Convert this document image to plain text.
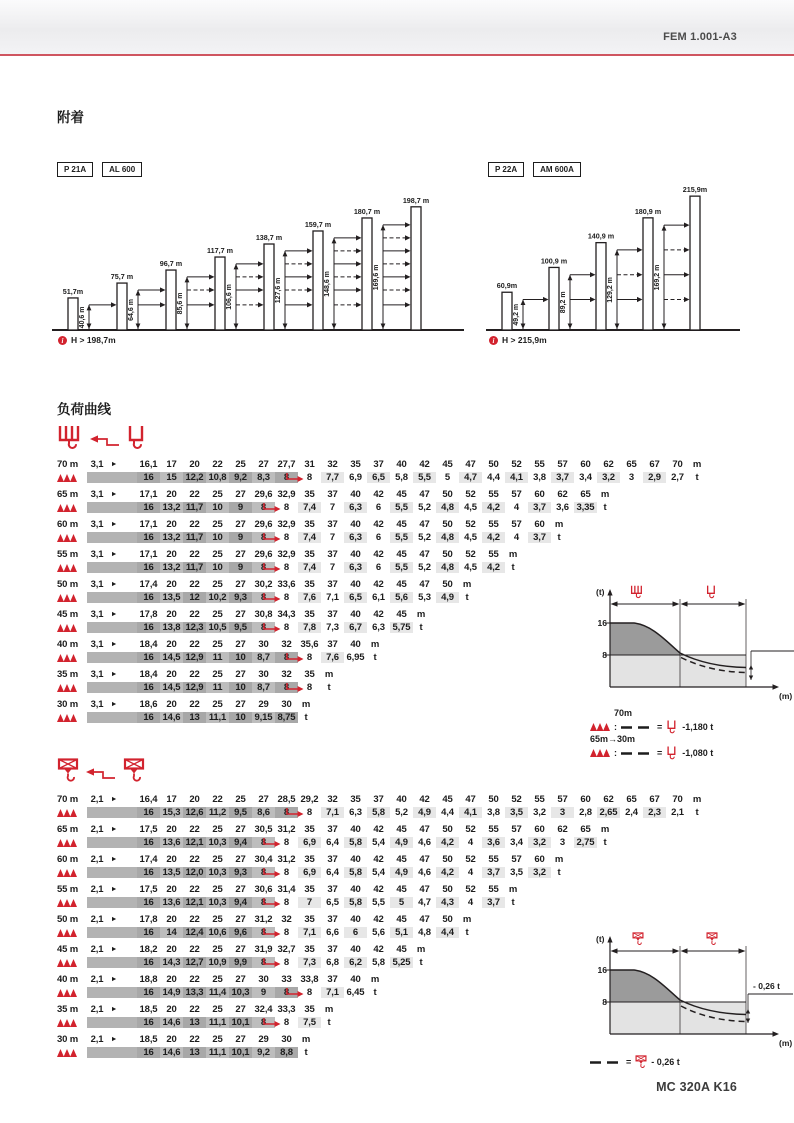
FEM 1.001-A3
附着
P 21A	AL 600
51,7m
75,7 m
40,6 m
96,7 m
64,6 m
117,7 m
85,6 m
138,7 m
106,6 m
159,7 m
127,6 m
180,7 m
148,6 m
198,7 m
169,6 m
i H > 198,7m
P 22A	AM 600A
60,9m
100,9 m
49,2 m
140,9 m
89,2 m
180,9 m
129,2 m
215,9m
169,2 m
i H > 215,9m
负荷曲线
70 m	3,1	►	16,1 17	20	22	25	27 27,7 31	32	35	37	40	42	45	47	50	52	55	57	60	62	65	67	70	m
16	15 12,2 10,8 9,2	8,3	8	8	7,7	6,9	6,5	5,8	5,5	5	4,7	4,4	4,1	3,8	3,7	3,4	3,2	3	2,9	2,7	t
65 m	3,1	►	17,1 20	22	25	27 29,6 32,9 35	37	40	42	45	47	50	52	55	57	60	62	65	m
16 13,2 11,7 10	9	8	8	7,4	7	6,3	6	5,5	5,2	4,8	4,5	4,2	4	3,7	3,6 3,35 t
60 m	3,1	►	17,1 20	22	25	27 29,6 32,9 35	37	40	42	45	47	50	52	55	57	60	m
16 13,2 11,7 10	9	8	8	7,4	7	6,3	6	5,5	5,2	4,8	4,5	4,2	4	3,7	t
55 m	3,1	►	17,1 20	22	25	27 29,6 32,9 35	37	40	42	45	47	50	52	55	m
16 13,2 11,7 10	9	8	8	7,4	7	6,3	6	5,5	5,2	4,8	4,5	4,2	t
50 m	3,1	►	17,4 20	22	25	27 30,2 33,6 35	37	40	42	45	47	50	m
16 13,5 12 10,2 9,3	8	8	7,6	7,1	6,5	6,1	5,6	5,3	4,9	t
45 m	3,1	►	17,8 20	22	25	27 30,8 34,3 35	37	40	42	45	m
16 13,8 12,3 10,5 9,5	8	8	7,8	7,3	6,7	6,3 5,75 t
40 m	3,1	►	18,4 20	22	25	27	30	32 35,6 37	40	m
16 14,5 12,9 11	10	8,7	8	8	7,6 6,95 t
35 m	3,1	►	18,4 20	22	25	27	30	32	35	m
16 14,5 12,9 11	10	8,7	8	8	t
30 m	3,1	►	18,6 20	22	25	27	29	30	m
16 14,6 13 11,1 10 9,15 8,75 t
70 m	2,1	►	16,4 17	20	22	25	27 28,5 29,2 32	35	37	40	42	45	47	50	52	55	57	60	62	65	67	70	m
16 15,3 12,6 11,2 9,5	8,6	8	8	7,1	6,3	5,8	5,2	4,9	4,4	4,1	3,8	3,5	3,2	3	2,8 2,65 2,4	2,3	2,1	t
65 m	2,1	►	17,5 20	22	25	27 30,5 31,2 35	37	40	42	45	47	50	52	55	57	60	62	65	m
16 13,6 12,1 10,3 9,4	8	8	6,9	6,4	5,8	5,4	4,9	4,6	4,2	4	3,6	3,4	3,2	3	2,75 t
60 m	2,1	►	17,4 20	22	25	27 30,4 31,2 35	37	40	42	45	47	50	52	55	57	60	m
16 13,5 12,0 10,3 9,3	8	8	6,9	6,4	5,8	5,4	4,9	4,6	4,2	4	3,7	3,5	3,2	t
55 m	2,1	►	17,5 20	22	25	27 30,6 31,4 35	37	40	42	45	47	50	52	55	m
16 13,6 12,1 10,3 9,4	8	8	7	6,5	5,8	5,5	5	4,7	4,3	4	3,7	t
50 m	2,1	►	17,8 20	22	25	27 31,2 32	35	37	40	42	45	47	50	m
16	14 12,4 10,6 9,6	8	8	7,1	6,6	6	5,6	5,1	4,8	4,4	t
45 m	2,1	►	18,2 20	22	25	27 31,9 32,7 35	37	40	42	45	m
16 14,3 12,7 10,9 9,9	8	8	7,3	6,8	6,2	5,8 5,25 t
40 m	2,1	►	18,8 20	22	25	27	30	33 33,8 37	40	m
16 14,9 13,3 11,4 10,3	9	8	8	7,1 6,45 t
35 m	2,1	►	18,5 20	22	25	27 32,4 33,3 35	m
16 14,6 13 11,1 10,1	8	8	7,5	t
30 m	2,1	►	18,5 20	22	25	27	29	30	m
16 14,6 13 11,1 10,1 9,2	8,8	t
(t)
16
8
(m)
70m
:	= -1,180 t
65m→30m
:	= -1,080 t
(t)
16
8
(m)
- 0,26 t
= - 0,26 t
MC 320A K16
